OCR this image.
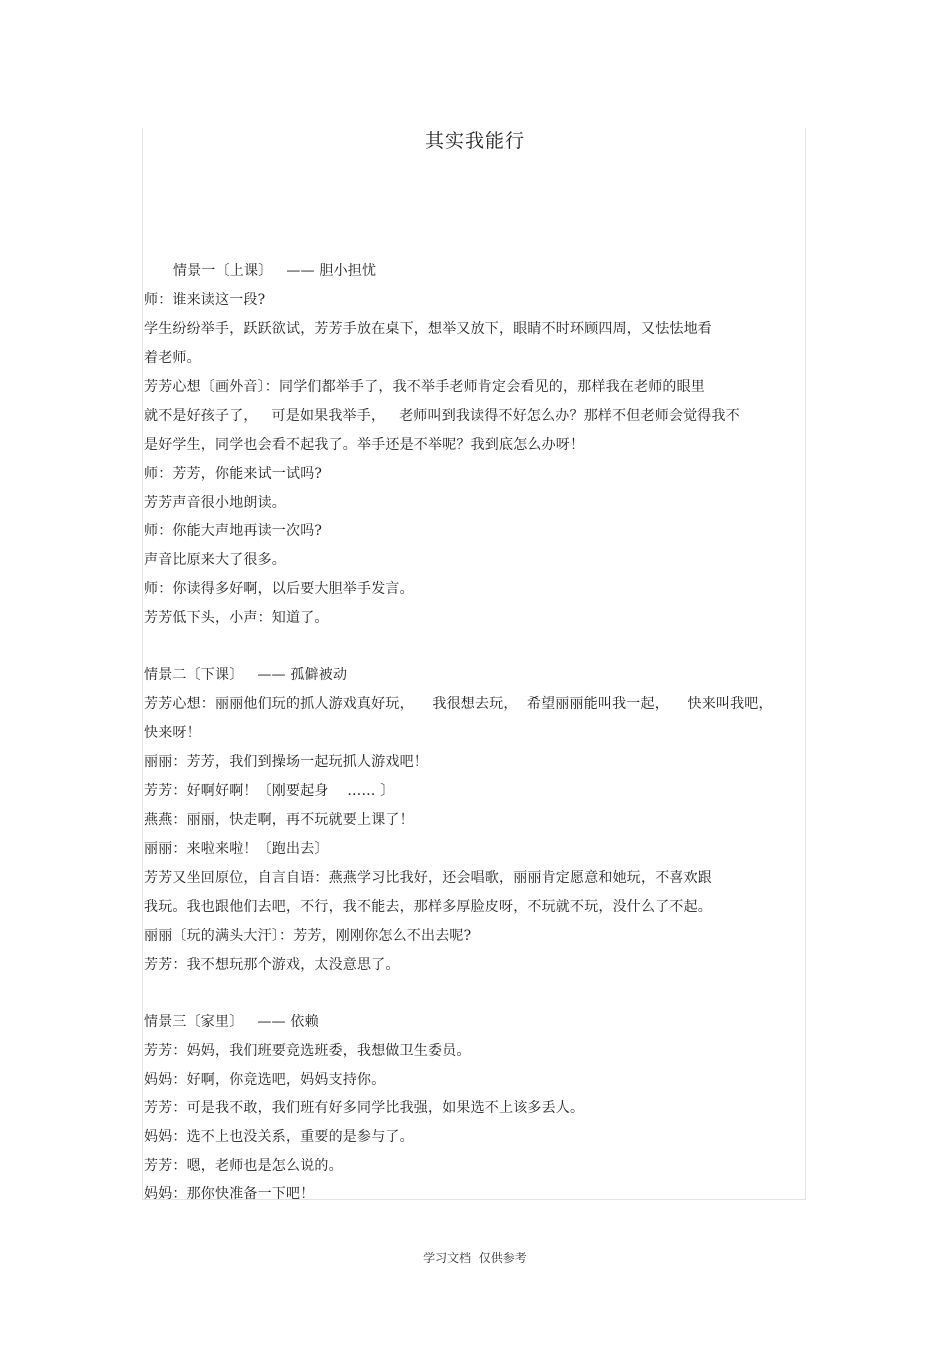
其实我能行
情景一〔上课〕   —— 胆小担忧
师：谁来读这一段?
学生纷纷举手，跃跃欲试，芳芳手放在桌下，想举又放下，眼睛不时环顾四周，又怯怯地看
着老师。
芳芳心想〔画外音〕：同学们都举手了，我不举手老师肯定会看见的，那样我在老师的眼里
就不是好孩子了，   可是如果我举手，   老师叫到我读得不好怎么办？那样不但老师会觉得我不
是好学生，同学也会看不起我了。举手还是不举呢？我到底怎么办呀！
师：芳芳，你能来试一试吗?
芳芳声音很小地朗读。
师：你能大声地再读一次吗?
声音比原来大了很多。
师：你读得多好啊，以后要大胆举手发言。
芳芳低下头，小声：知道了。
情景二〔下课〕   —— 孤僻被动
芳芳心想：丽丽他们玩的抓人游戏真好玩，    我很想去玩，  希望丽丽能叫我一起，    快来叫我吧，
快来呀！
丽丽：芳芳，我们到操场一起玩抓人游戏吧！
芳芳：好啊好啊！〔刚要起身    …… 〕
燕燕：丽丽，快走啊，再不玩就要上课了！
丽丽：来啦来啦！〔跑出去〕
芳芳又坐回原位，自言自语：燕燕学习比我好，还会唱歌，丽丽肯定愿意和她玩，不喜欢跟
我玩。我也跟他们去吧，不行，我不能去，那样多厚脸皮呀，不玩就不玩，没什么了不起。
丽丽〔玩的满头大汗〕：芳芳，刚刚你怎么不出去呢?
芳芳：我不想玩那个游戏，太没意思了。
情景三〔家里〕   —— 依赖
芳芳：妈妈，我们班要竞选班委，我想做卫生委员。
妈妈：好啊，你竞选吧，妈妈支持你。
芳芳：可是我不敢，我们班有好多同学比我强，如果选不上该多丢人。
妈妈：选不上也没关系，重要的是参与了。
芳芳：嗯，老师也是怎么说的。
妈妈：那你快准备一下吧！
学习文档  仅供参考
